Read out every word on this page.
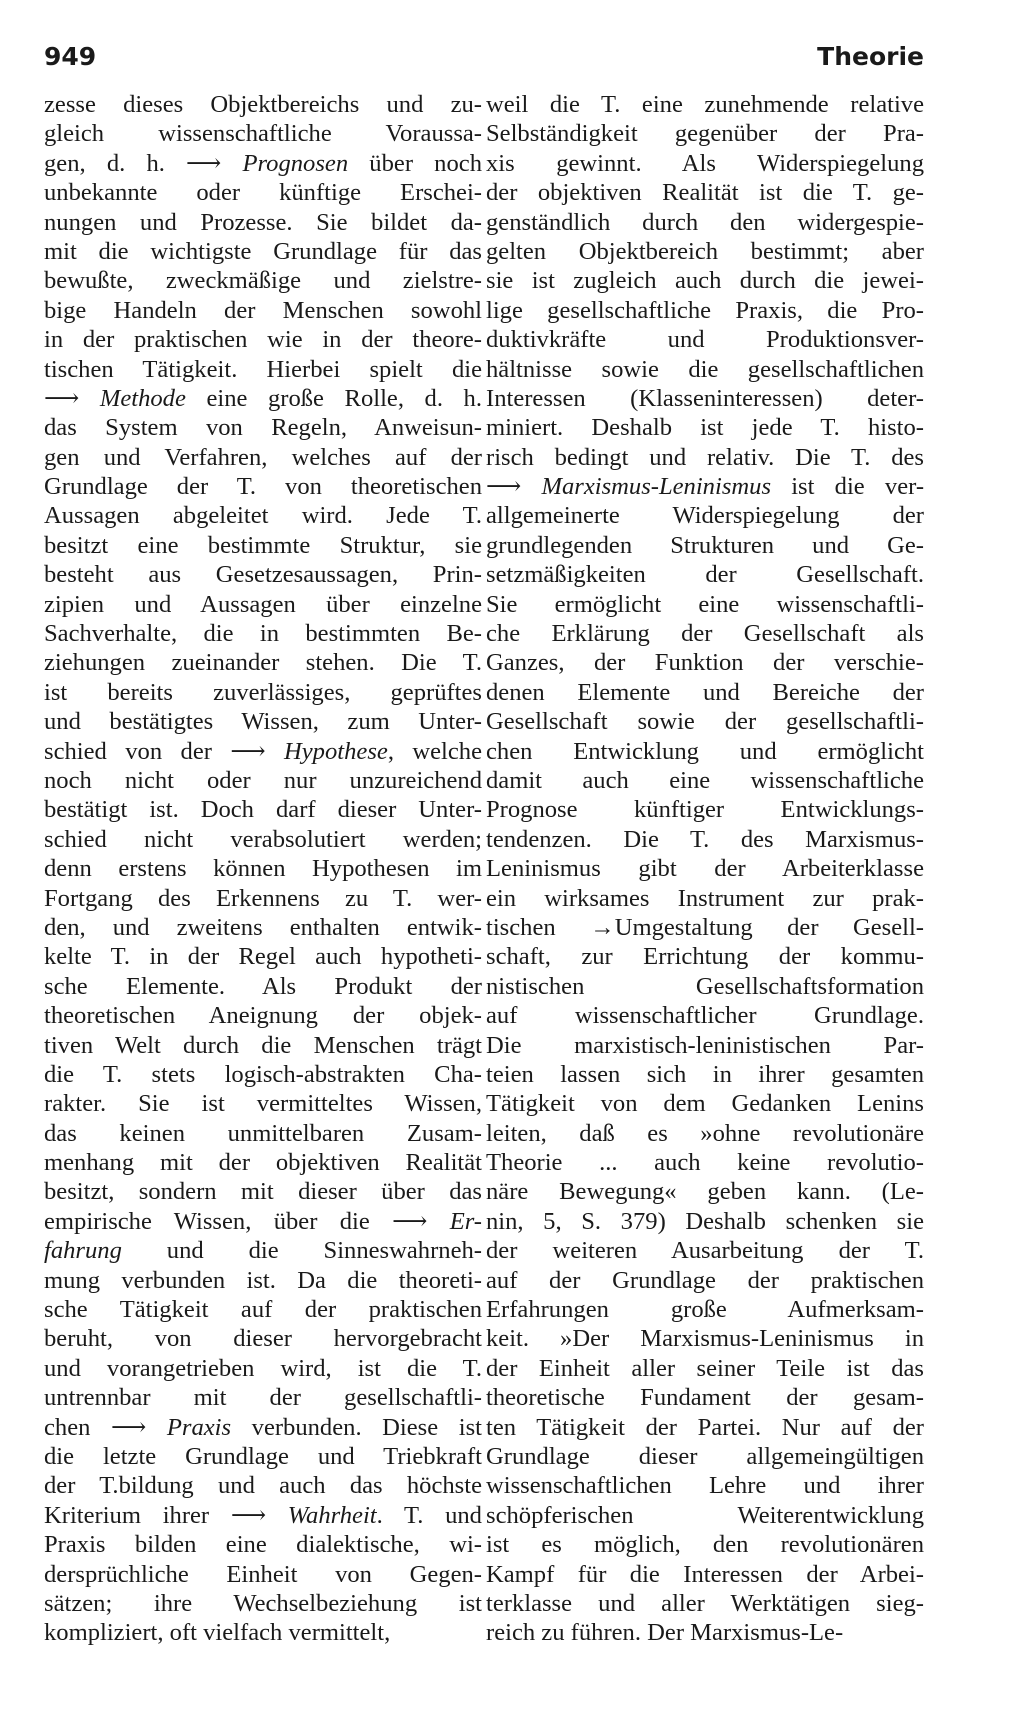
949	Theorie
zesse dieses Objektbereichs und zu-
gleich wissenschaftliche Voraussa-
gen, d. h. ⟶ Prognosen über noch
unbekannte oder künftige Erschei-
nungen und Prozesse. Sie bildet da-
mit die wichtigste Grundlage für das
bewußte, zweckmäßige und zielstre-
bige Handeln der Menschen sowohl
in der praktischen wie in der theore-
tischen Tätigkeit. Hierbei spielt die
⟶ Methode eine große Rolle, d. h.
das System von Regeln, Anweisun-
gen und Verfahren, welches auf der
Grundlage der T. von theoretischen
Aussagen abgeleitet wird. Jede T.
besitzt eine bestimmte Struktur, sie
besteht aus Gesetzesaussagen, Prin-
zipien und Aussagen über einzelne
Sachverhalte, die in bestimmten Be-
ziehungen zueinander stehen. Die T.
ist bereits zuverlässiges, geprüftes
und bestätigtes Wissen, zum Unter-
schied von der ⟶ Hypothese, welche
noch nicht oder nur unzureichend
bestätigt ist. Doch darf dieser Unter-
schied nicht verabsolutiert werden;
denn erstens können Hypothesen im
Fortgang des Erkennens zu T. wer-
den, und zweitens enthalten entwik-
kelte T. in der Regel auch hypotheti-
sche Elemente. Als Produkt der
theoretischen Aneignung der objek-
tiven Welt durch die Menschen trägt
die T. stets logisch-abstrakten Cha-
rakter. Sie ist vermitteltes Wissen,
das keinen unmittelbaren Zusam-
menhang mit der objektiven Realität
besitzt, sondern mit dieser über das
empirische Wissen, über die ⟶ Er-
fahrung und die Sinneswahrneh-
mung verbunden ist. Da die theoreti-
sche Tätigkeit auf der praktischen
beruht, von dieser hervorgebracht
und vorangetrieben wird, ist die T.
untrennbar mit der gesellschaftli-
chen ⟶ Praxis verbunden. Diese ist
die letzte Grundlage und Triebkraft
der T.bildung und auch das höchste
Kriterium ihrer ⟶ Wahrheit. T. und
Praxis bilden eine dialektische, wi-
dersprüchliche Einheit von Gegen-
sätzen; ihre Wechselbeziehung ist
kompliziert, oft vielfach vermittelt,
weil die T. eine zunehmende relative
Selbständigkeit gegenüber der Pra-
xis gewinnt. Als Widerspiegelung
der objektiven Realität ist die T. ge-
genständlich durch den widergespie-
gelten Objektbereich bestimmt; aber
sie ist zugleich auch durch die jewei-
lige gesellschaftliche Praxis, die Pro-
duktivkräfte und Produktionsver-
hältnisse sowie die gesellschaftlichen
Interessen (Klasseninteressen) deter-
miniert. Deshalb ist jede T. histo-
risch bedingt und relativ. Die T. des
⟶ Marxismus-Leninismus ist die ver-
allgemeinerte Widerspiegelung der
grundlegenden Strukturen und Ge-
setzmäßigkeiten der Gesellschaft.
Sie ermöglicht eine wissenschaftli-
che Erklärung der Gesellschaft als
Ganzes, der Funktion der verschie-
denen Elemente und Bereiche der
Gesellschaft sowie der gesellschaftli-
chen Entwicklung und ermöglicht
damit auch eine wissenschaftliche
Prognose künftiger Entwicklungs-
tendenzen. Die T. des Marxismus-
Leninismus gibt der Arbeiterklasse
ein wirksames Instrument zur prak-
tischen →Umgestaltung der Gesell-
schaft, zur Errichtung der kommu-
nistischen Gesellschaftsformation
auf wissenschaftlicher Grundlage.
Die marxistisch-leninistischen Par-
teien lassen sich in ihrer gesamten
Tätigkeit von dem Gedanken Lenins
leiten, daß es »ohne revolutionäre
Theorie ... auch keine revolutio-
näre Bewegung« geben kann. (Le-
nin, 5, S. 379) Deshalb schenken sie
der weiteren Ausarbeitung der T.
auf der Grundlage der praktischen
Erfahrungen große Aufmerksam-
keit. »Der Marxismus-Leninismus in
der Einheit aller seiner Teile ist das
theoretische Fundament der gesam-
ten Tätigkeit der Partei. Nur auf der
Grundlage dieser allgemeingültigen
wissenschaftlichen Lehre und ihrer
schöpferischen Weiterentwicklung
ist es möglich, den revolutionären
Kampf für die Interessen der Arbei-
terklasse und aller Werktätigen sieg-
reich zu führen. Der Marxismus-Le-
